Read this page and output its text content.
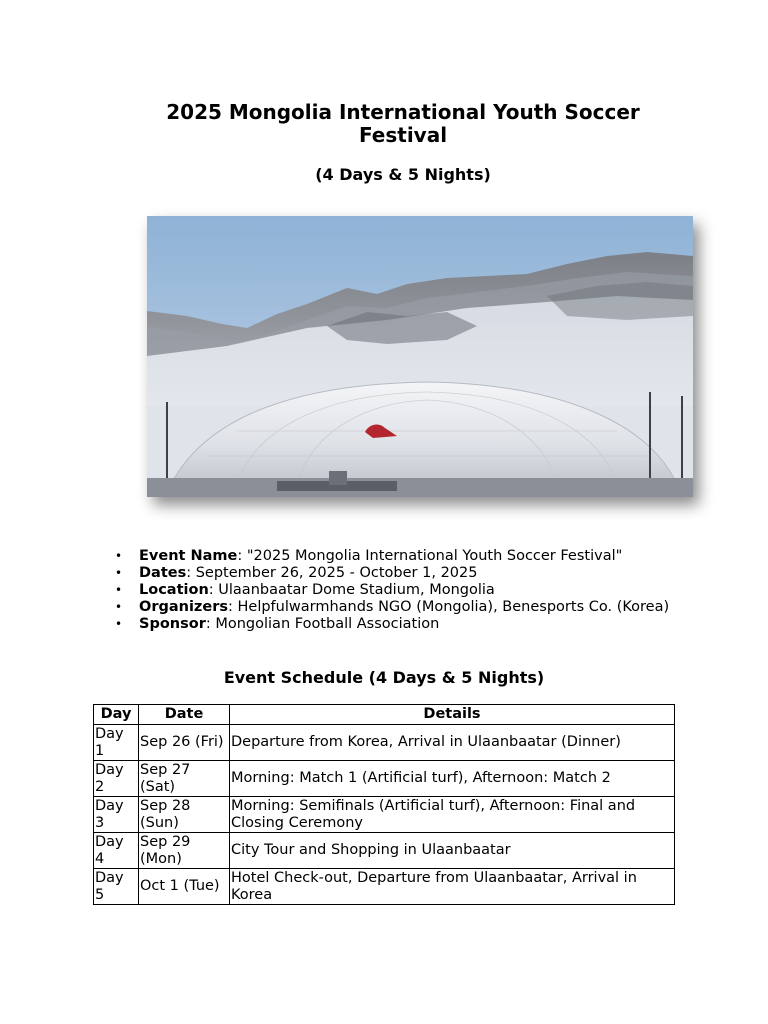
2025 Mongolia International Youth Soccer Festival
(4 Days & 5 Nights)
• Event Name: "2025 Mongolia International Youth Soccer Festival"
• Dates: September 26, 2025 - October 1, 2025
• Location: Ulaanbaatar Dome Stadium, Mongolia
• Organizers: Helpfulwarmhands NGO (Mongolia), Benesports Co. (Korea)
• Sponsor: Mongolian Football Association
Event Schedule (4 Days & 5 Nights)
Day	Date	Details
Day 1	Sep 26 (Fri)	Departure from Korea, Arrival in Ulaanbaatar (Dinner)
Day 2	Sep 27 (Sat)	Morning: Match 1 (Artificial turf), Afternoon: Match 2
Day 3	Sep 28 (Sun)	Morning: Semifinals (Artificial turf), Afternoon: Final and Closing Ceremony
Day 4	Sep 29 (Mon)	City Tour and Shopping in Ulaanbaatar
Day 5	Oct 1 (Tue)	Hotel Check-out, Departure from Ulaanbaatar, Arrival in Korea
